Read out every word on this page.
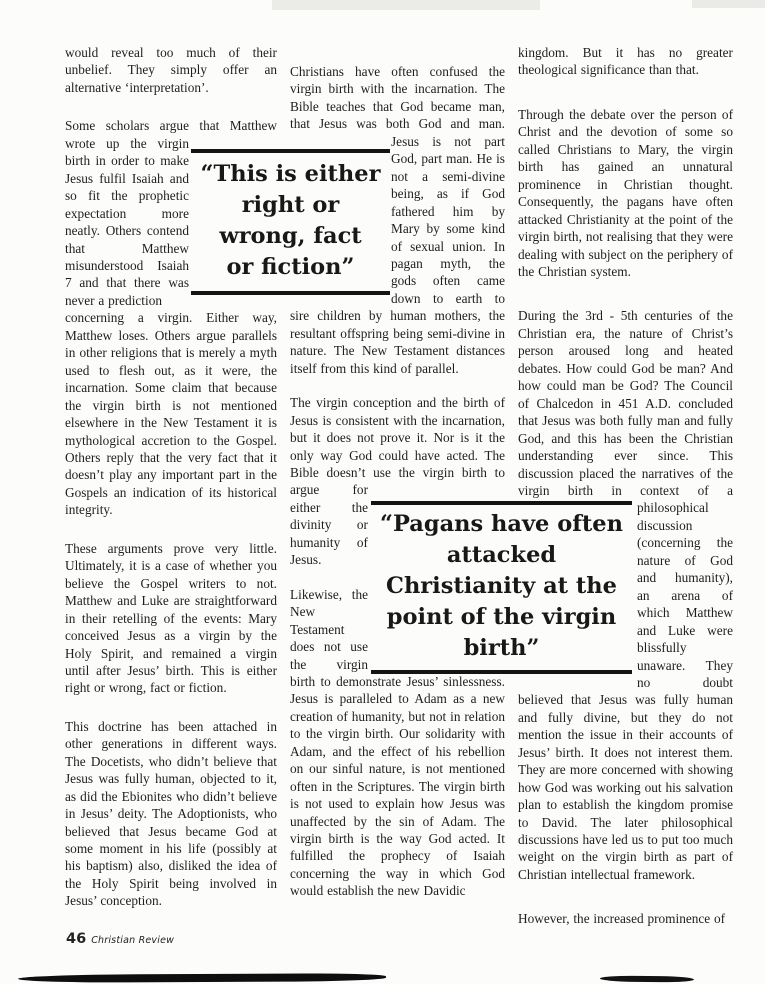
would reveal too much of their unbelief. They simply offer an alternative ‘interpretation’.

Some scholars argue that Matthew

wrote up the virgin birth in order to make Jesus fulfil Isaiah and so fit the prophetic expectation more neatly. Others contend that Matthew misunderstood Isaiah 7 and that there was never a prediction

concerning a virgin. Either way, Matthew loses. Others argue parallels in other religions that is merely a myth used to flesh out, as it were, the incarnation. Some claim that because the virgin birth is not mentioned elsewhere in the New Testament it is mythological accretion to the Gospel. Others reply that the very fact that it doesn’t play any important part in the Gospels an indication of its historical integrity.

These arguments prove very little. Ultimately, it is a case of whether you believe the Gospel writers to not. Matthew and Luke are straightforward in their retelling of the events: Mary conceived Jesus as a virgin by the Holy Spirit, and remained a virgin until after Jesus’ birth. This is either right or wrong, fact or fiction.

This doctrine has been attached in other generations in different ways. The Docetists, who didn’t believe that Jesus was fully human, objected to it, as did the Ebionites who didn’t believe in Jesus’ deity. The Adoptionists, who believed that Jesus became God at some moment in his life (possibly at his baptism) also, disliked the idea of the Holy Spirit being involved in Jesus’ conception.

Christians have often confused the virgin birth with the incarnation. The Bible teaches that God became man, that Jesus was both God and man.

Jesus is not part God, part man. He is not a semi-divine being, as if God fathered him by Mary by some kind of sexual union. In pagan myth, the gods often came down to earth to

sire children by human mothers, the resultant offspring being semi-divine in nature. The New Testament distances itself from this kind of parallel.

The virgin conception and the birth of Jesus is consistent with the incarnation, but it does not prove it. Nor is it the only way God could have acted. The Bible doesn’t use the virgin birth to

argue for either the divinity or humanity of Jesus.

Likewise, the New Testament does not use the virgin

birth to demonstrate Jesus’ sinlessness. Jesus is paralleled to Adam as a new creation of humanity, but not in relation to the virgin birth. Our solidarity with Adam, and the effect of his rebellion on our sinful nature, is not mentioned often in the Scriptures. The virgin birth is not used to explain how Jesus was unaffected by the sin of Adam. The virgin birth is the way God acted. It fulfilled the prophecy of Isaiah concerning the way in which God would establish the new Davidic

kingdom. But it has no greater theological significance than that.

Through the debate over the person of Christ and the devotion of some so called Christians to Mary, the virgin birth has gained an unnatural prominence in Christian thought. Consequently, the pagans have often attacked Christianity at the point of the virgin birth, not realising that they were dealing with subject on the periphery of the Christian system.

During the 3rd - 5th centuries of the Christian era, the nature of Christ’s person aroused long and heated debates. How could God be man? And how could man be God? The Council of Chalcedon in 451 A.D. concluded that Jesus was both fully man and fully God, and this has been the Christian understanding ever since. This discussion placed the narratives of the virgin birth in context of a

philosophical discussion (concerning the nature of God and humanity), an arena of which Matthew and Luke were blissfully unaware. They no doubt

believed that Jesus was fully human and fully divine, but they do not mention the issue in their accounts of Jesus’ birth. It does not interest them. They are more concerned with showing how God was working out his salvation plan to establish the kingdom promise to David. The later philosophical discussions have led us to put too much weight on the virgin birth as part of Christian intellectual framework.

However, the increased prominence of

“This is either
right or
wrong, fact
or fiction”
“Pagans have often
attacked
Christianity at the
point of the virgin
birth”
46 Christian Review
